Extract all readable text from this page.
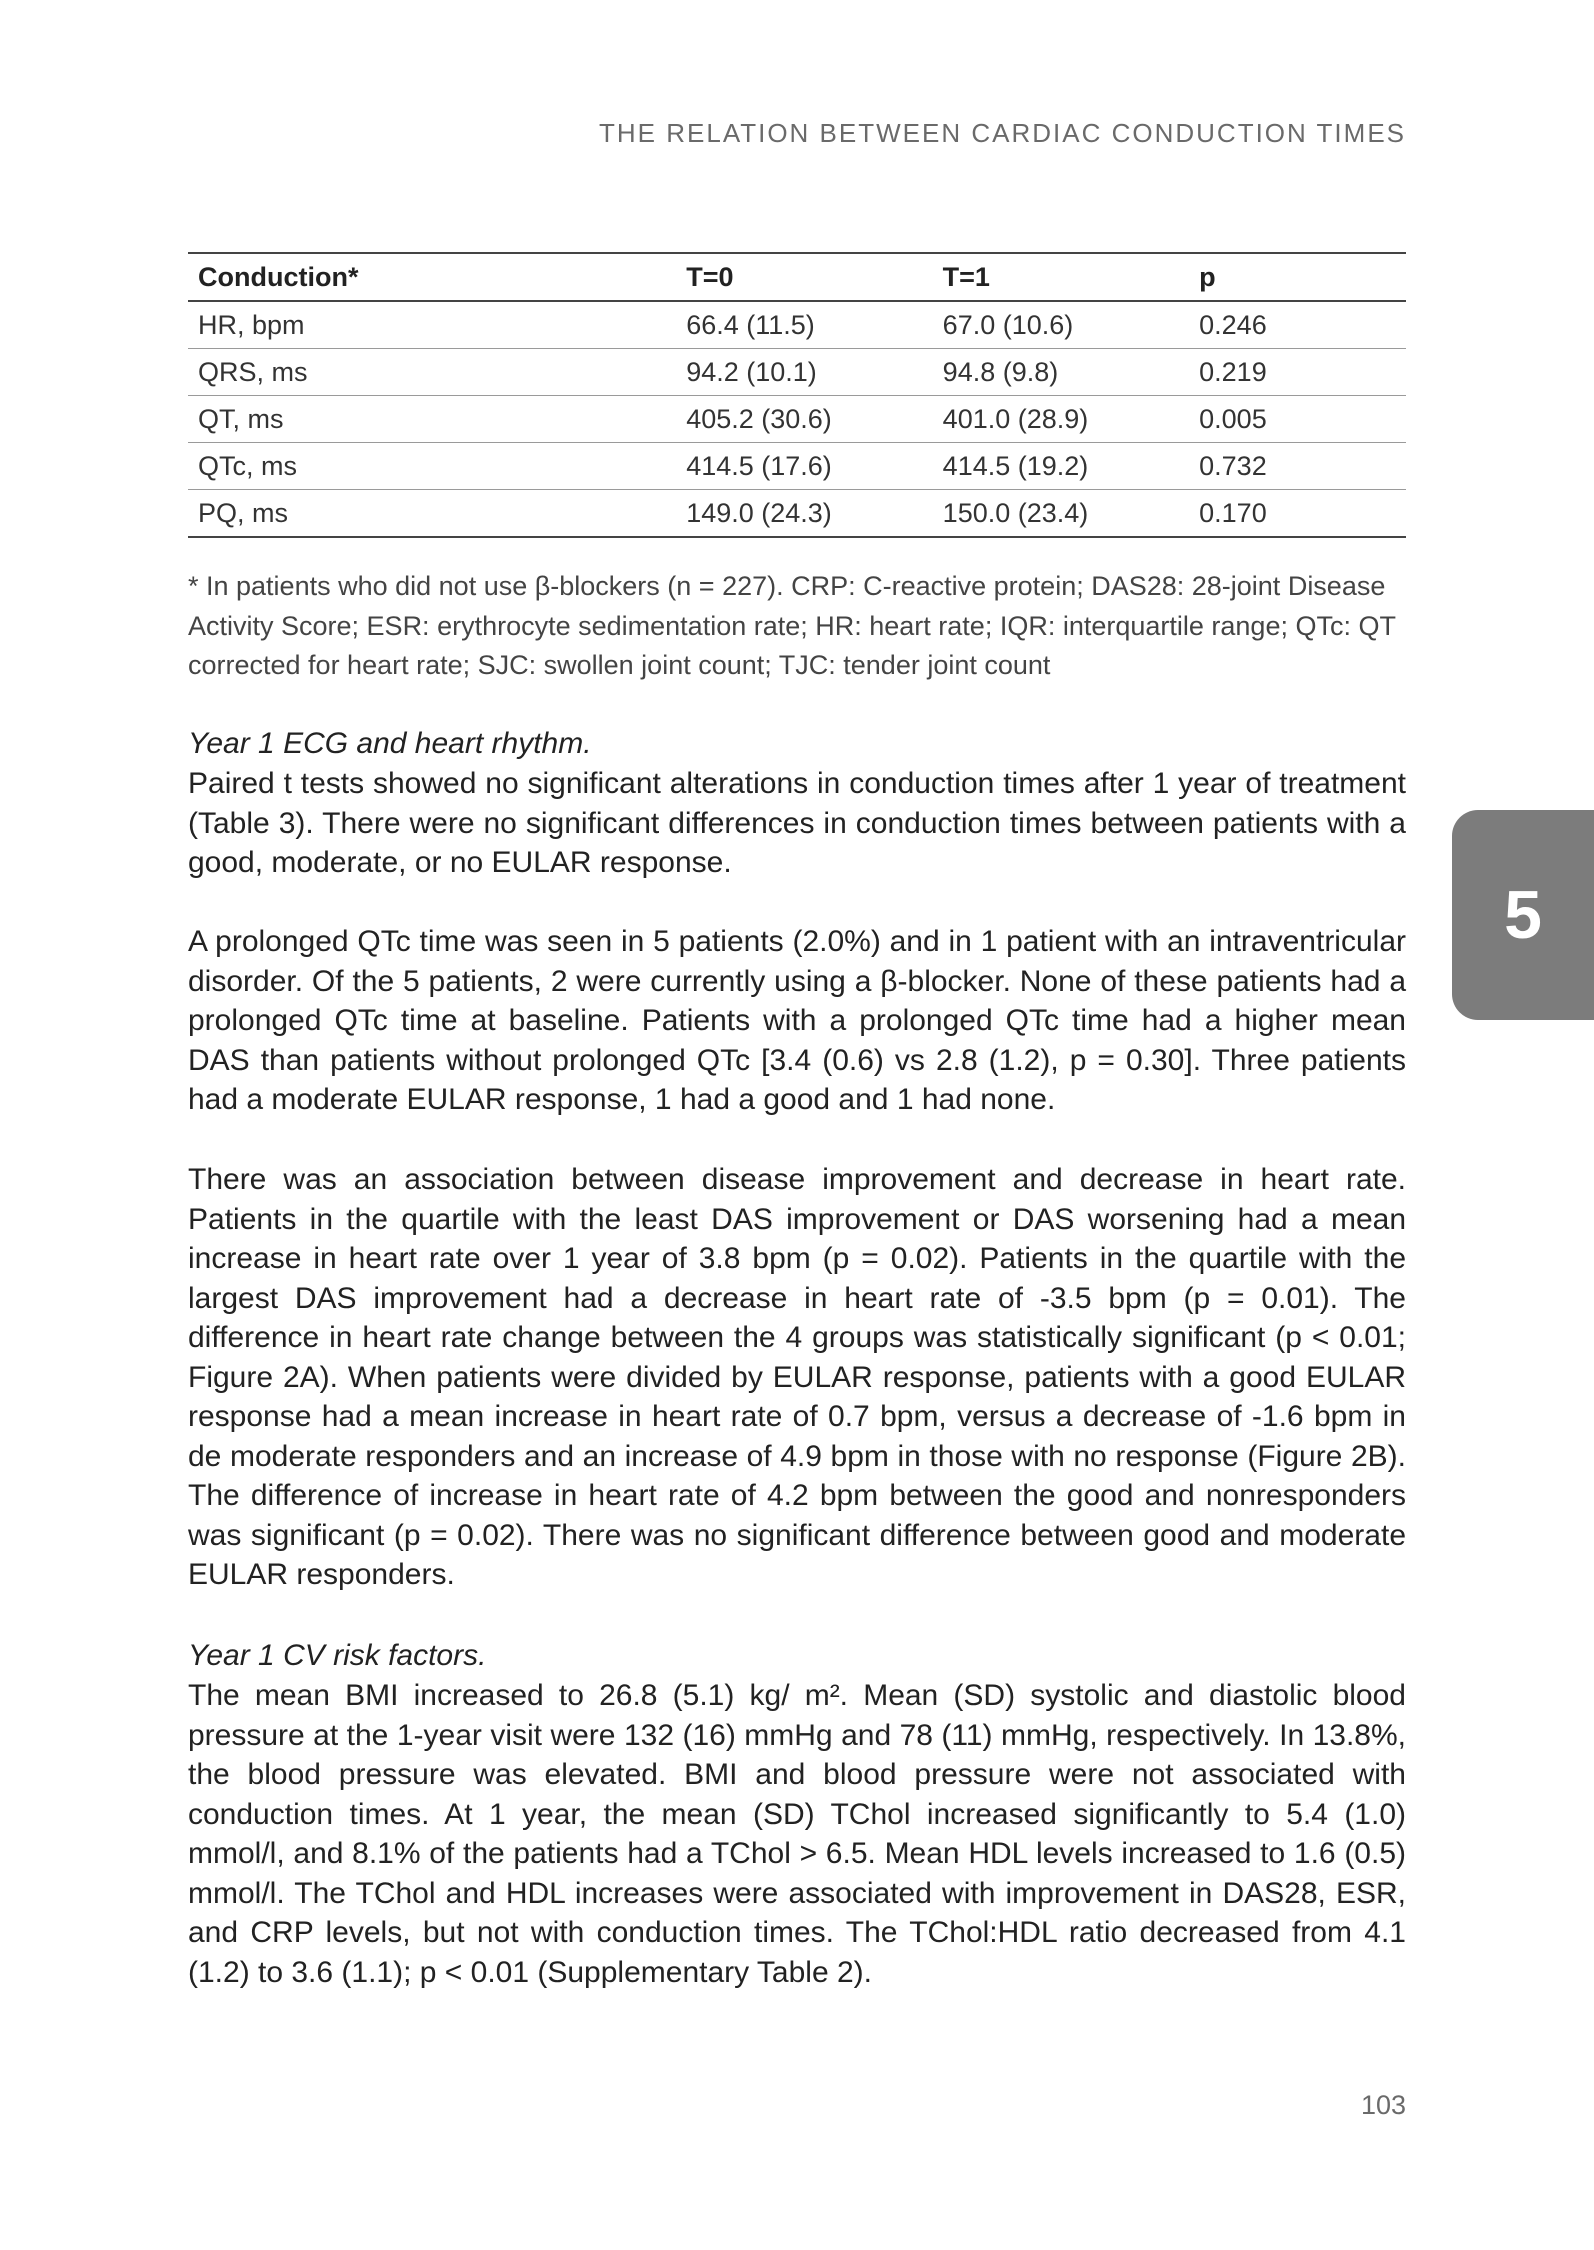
THE RELATION BETWEEN CARDIAC CONDUCTION TIMES
Conduction*	T=0	T=1	p
HR, bpm	66.4 (11.5)	67.0 (10.6)	0.246
QRS, ms	94.2 (10.1)	94.8 (9.8)	0.219
QT, ms	405.2 (30.6)	401.0 (28.9)	0.005
QTc, ms	414.5 (17.6)	414.5 (19.2)	0.732
PQ, ms	149.0 (24.3)	150.0 (23.4)	0.170

* In patients who did not use β-blockers (n = 227). CRP: C-reactive protein; DAS28: 28-joint Disease Activity Score; ESR: erythrocyte sedimentation rate; HR: heart rate; IQR: interquartile range; QTc: QT corrected for heart rate; SJC: swollen joint count; TJC: tender joint count

Year 1 ECG and heart rhythm.

Paired t tests showed no significant alterations in conduction times after 1 year of treatment (Table 3). There were no significant differences in conduction times between patients with a good, moderate, or no EULAR response.

A prolonged QTc time was seen in 5 patients (2.0%) and in 1 patient with an intraventricular disorder. Of the 5 patients, 2 were currently using a β-blocker. None of these patients had a prolonged QTc time at baseline. Patients with a prolonged QTc time had a higher mean DAS than patients without prolonged QTc [3.4 (0.6) vs 2.8 (1.2), p = 0.30]. Three patients had a moderate EULAR response, 1 had a good and 1 had none.

There was an association between disease improvement and decrease in heart rate. Patients in the quartile with the least DAS improvement or DAS worsening had a mean increase in heart rate over 1 year of 3.8 bpm (p = 0.02). Patients in the quartile with the largest DAS improvement had a decrease in heart rate of -3.5 bpm (p = 0.01). The difference in heart rate change between the 4 groups was statistically significant (p < 0.01; Figure 2A). When patients were divided by EULAR response, patients with a good EULAR response had a mean increase in heart rate of 0.7 bpm, versus a decrease of -1.6 bpm in de moderate responders and an increase of 4.9 bpm in those with no response (Figure 2B). The difference of increase in heart rate of 4.2 bpm between the good and nonresponders was significant (p = 0.02). There was no significant difference between good and moderate EULAR responders.

Year 1 CV risk factors.

The mean BMI increased to 26.8 (5.1) kg/ m². Mean (SD) systolic and diastolic blood pressure at the 1-year visit were 132 (16) mmHg and 78 (11) mmHg, respectively. In 13.8%, the blood pressure was elevated. BMI and blood pressure were not associated with conduction times. At 1 year, the mean (SD) TChol increased significantly to 5.4 (1.0) mmol/l, and 8.1% of the patients had a TChol > 6.5. Mean HDL levels increased to 1.6 (0.5) mmol/l. The TChol and HDL increases were associated with improvement in DAS28, ESR, and CRP levels, but not with conduction times. The TChol:HDL ratio decreased from 4.1 (1.2) to 3.6 (1.1); p < 0.01 (Supplementary Table 2).

5
103
